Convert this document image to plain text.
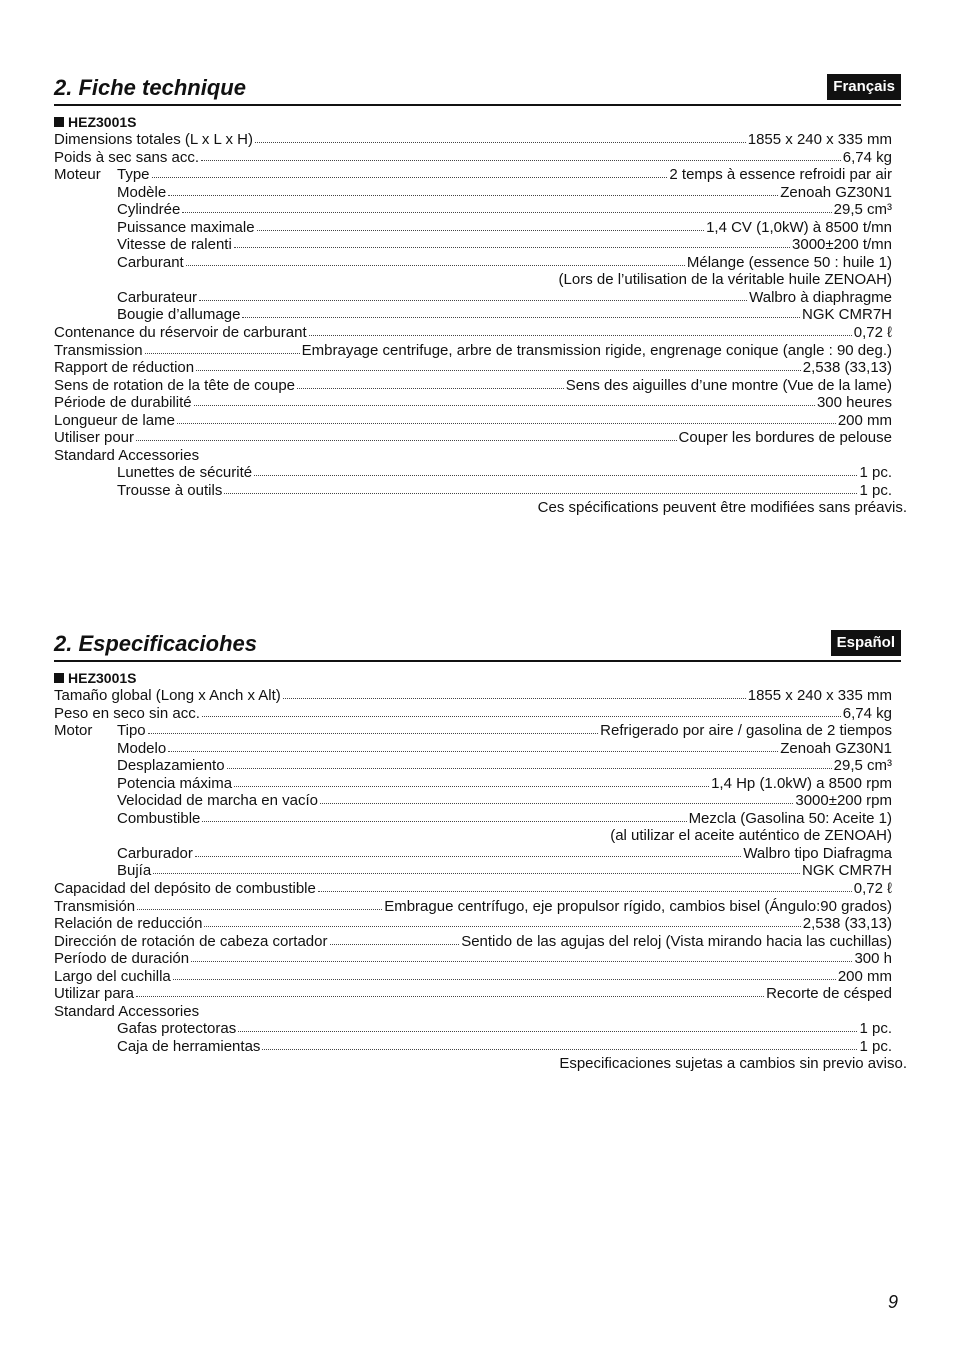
2. Fiche technique	Français
HEZ3001S
Dimensions totales (L x L x H)	1855 x 240 x 335 mm
Poids à sec sans acc.	6,74 kg
Moteur	Type	2 temps à essence refroidi par air
Modèle	Zenoah GZ30N1
Cylindrée	29,5 cm³
Puissance maximale	1,4 CV (1,0kW) à 8500 t/mn
Vitesse de ralenti	3000±200 t/mn
Carburant	Mélange (essence 50 : huile 1)
(Lors de l’utilisation de la véritable huile ZENOAH)
Carburateur	Walbro à diaphragme
Bougie d’allumage	NGK CMR7H
Contenance du réservoir de carburant	0,72 ℓ
Transmission	Embrayage centrifuge, arbre de transmission rigide, engrenage conique (angle : 90 deg.)
Rapport de réduction	2,538 (33,13)
Sens de rotation de la tête de coupe	Sens des aiguilles d’une montre (Vue de la lame)
Période de durabilité	300 heures
Longueur de lame	200 mm
Utiliser pour	Couper les bordures de pelouse
Standard Accessories
Lunettes de sécurité	1 pc.
Trousse à outils	1 pc.
Ces spécifications peuvent être modifiées sans préavis.
2. Especificaciohes	Español
HEZ3001S
Tamaño global (Long x Anch x Alt)	1855 x 240 x 335 mm
Peso en seco sin acc.	6,74 kg
Motor	Tipo	Refrigerado por aire / gasolina de 2 tiempos
Modelo	Zenoah GZ30N1
Desplazamiento	29,5 cm³
Potencia máxima	1,4 Hp (1.0kW) a 8500 rpm
Velocidad de marcha en vacío	3000±200 rpm
Combustible	Mezcla (Gasolina 50: Aceite 1)
(al utilizar el aceite auténtico de ZENOAH)
Carburador	Walbro tipo Diafragma
Bujía	NGK CMR7H
Capacidad del depósito de combustible	0,72 ℓ
Transmisión	Embrague centrífugo, eje propulsor rígido, cambios bisel (Ángulo:90 grados)
Relación de reducción	2,538 (33,13)
Dirección de rotación de cabeza cortador	Sentido de las agujas del reloj (Vista mirando hacia las cuchillas)
Período de duración	300 h
Largo del cuchilla	200 mm
Utilizar para	Recorte de césped
Standard Accessories
Gafas protectoras	1 pc.
Caja de herramientas	1 pc.
Especificaciones sujetas a cambios sin previo aviso.
9
